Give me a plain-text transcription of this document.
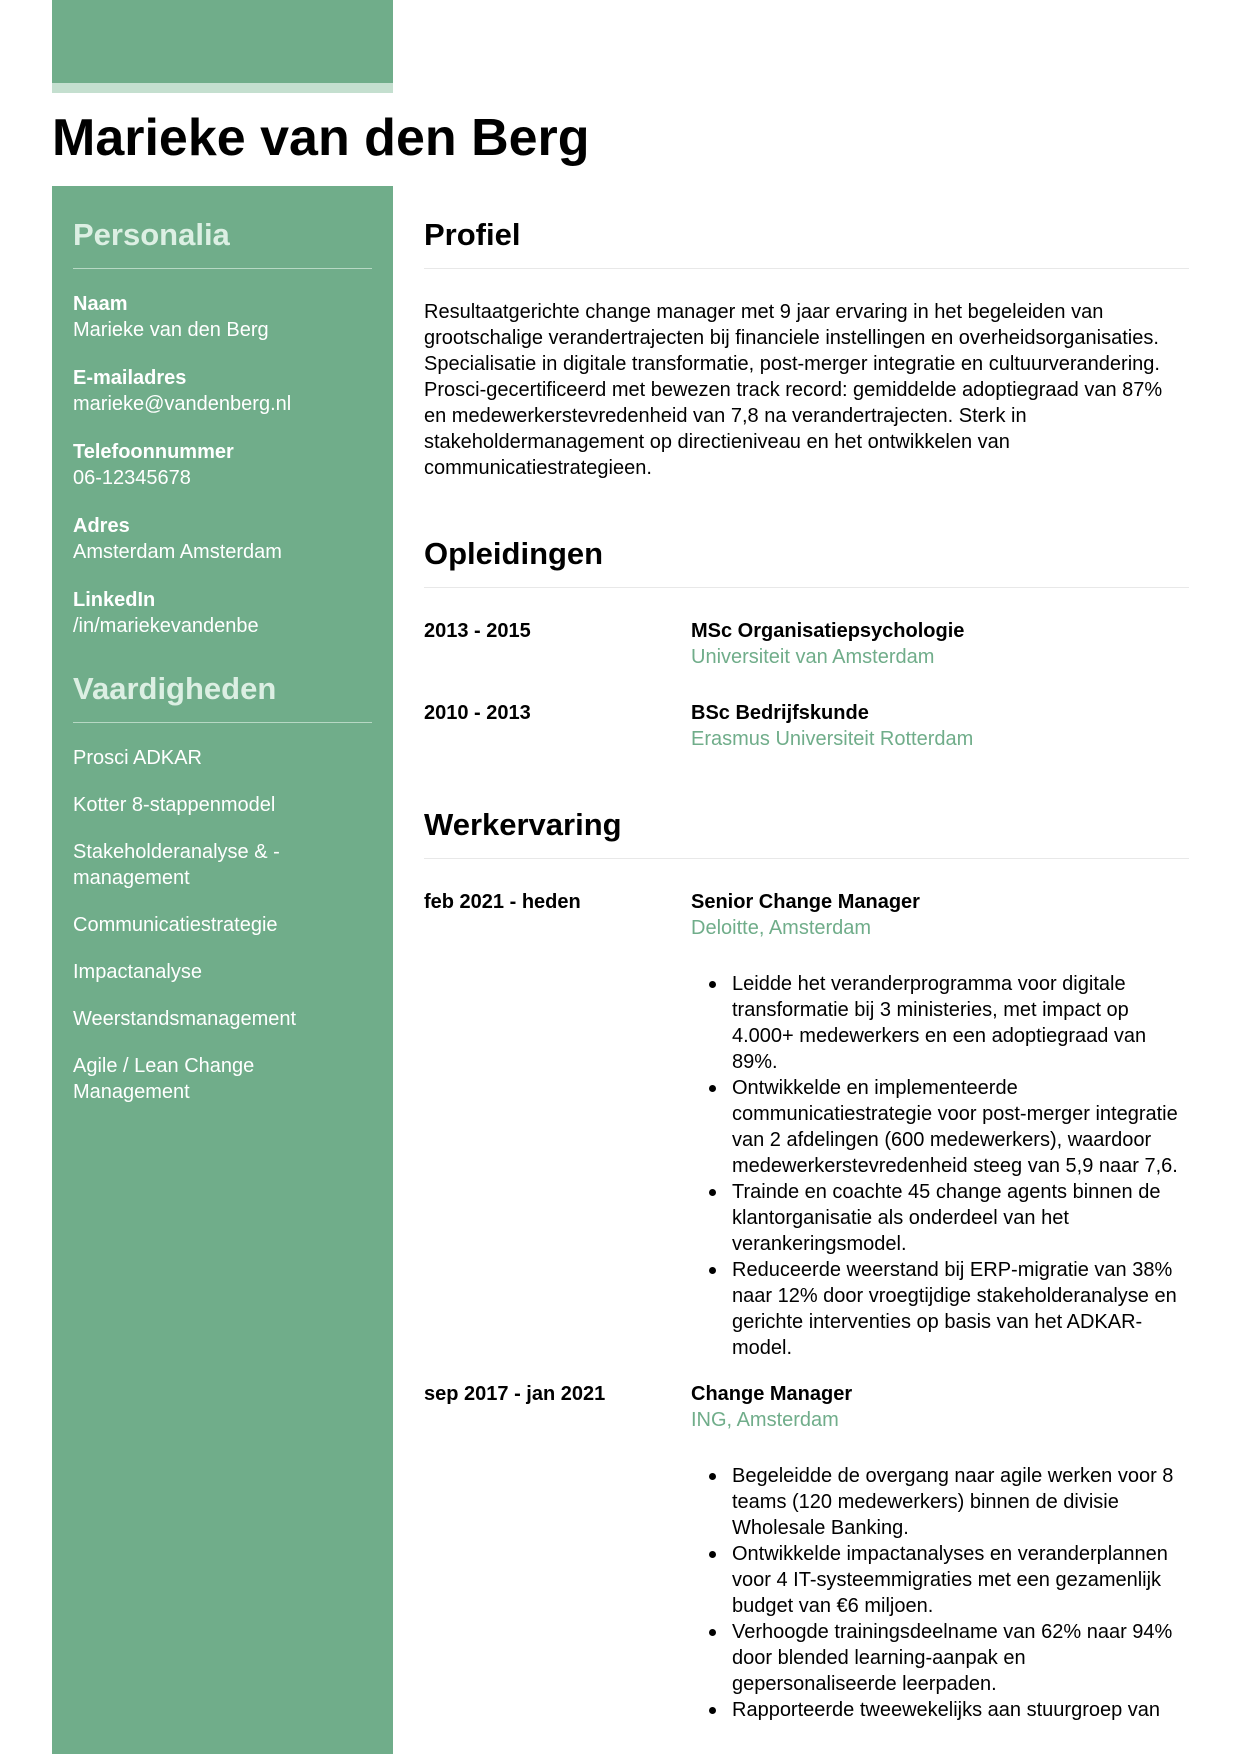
Marieke van den Berg
Personalia
Naam
Marieke van den Berg
E-mailadres
marieke@vandenberg.nl
Telefoonnummer
06-12345678
Adres
Amsterdam Amsterdam
LinkedIn
/in/mariekevandenbe
Vaardigheden
Prosci ADKAR
Kotter 8-stappenmodel
Stakeholderanalyse & -management
Communicatiestrategie
Impactanalyse
Weerstandsmanagement
Agile / Lean Change Management
Profiel

Resultaatgerichte change manager met 9 jaar ervaring in het begeleiden van grootschalige verandertrajecten bij financiele instellingen en overheidsorganisaties. Specialisatie in digitale transformatie, post-merger integratie en cultuurverandering. Prosci-gecertificeerd met bewezen track record: gemiddelde adoptiegraad van 87% en medewerkerstevredenheid van 7,8 na verandertrajecten. Sterk in stakeholdermanagement op directieniveau en het ontwikkelen van communicatiestrategieen.

Opleidingen
2013 - 2015	MSc Organisatiepsychologie
Universiteit van Amsterdam
2010 - 2013	BSc Bedrijfskunde
Erasmus Universiteit Rotterdam
Werkervaring
feb 2021 - heden	Senior Change Manager
Deloitte, Amsterdam
Leidde het veranderprogramma voor digitale transformatie bij 3 ministeries, met impact op 4.000+ medewerkers en een adoptiegraad van 89%.
Ontwikkelde en implementeerde communicatiestrategie voor post-merger integratie van 2 afdelingen (600 medewerkers), waardoor medewerkerstevredenheid steeg van 5,9 naar 7,6.
Trainde en coachte 45 change agents binnen de klantorganisatie als onderdeel van het verankeringsmodel.
Reduceerde weerstand bij ERP-migratie van 38% naar 12% door vroegtijdige stakeholderanalyse en gerichte interventies op basis van het ADKAR-model.
sep 2017 - jan 2021	Change Manager
ING, Amsterdam
Begeleidde de overgang naar agile werken voor 8 teams (120 medewerkers) binnen de divisie Wholesale Banking.
Ontwikkelde impactanalyses en veranderplannen voor 4 IT-systeemmigraties met een gezamenlijk budget van €6 miljoen.
Verhoogde trainingsdeelname van 62% naar 94% door blended learning-aanpak en gepersonaliseerde leerpaden.
Rapporteerde tweewekelijks aan stuurgroep van
